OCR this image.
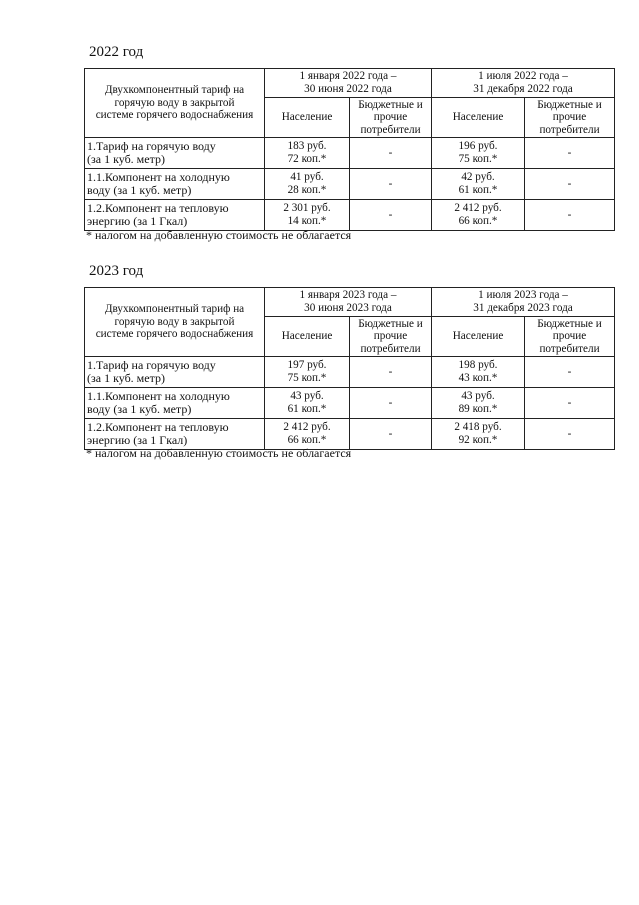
2022 год
Двухкомпонентный тариф на
горячую воду в закрытой
системе горячего водоснабжения	1 января 2022 года –
30 июня 2022 года		1 июля 2022 года –
31 декабря 2022 года	

	Население	Бюджетные и
прочие
потребители	Население	Бюджетные и
прочие
потребители

1.Тариф на горячую воду
(за 1 куб. метр)	183 руб.
72 коп.*	-	196 руб.
75 коп.*	-

1.1.Компонент на холодную
воду (за 1 куб. метр)	41 руб.
28 коп.*	-	42 руб.
61 коп.*	-

1.2.Компонент на тепловую
энергию (за 1 Гкал)	2 301 руб.
14 коп.*	-	2 412 руб.
66 коп.*	-
* налогом на добавленную стоимость не облагается
2023 год
Двухкомпонентный тариф на
горячую воду в закрытой
системе горячего водоснабжения	1 января 2023 года –
30 июня 2023 года		1 июля 2023 года –
31 декабря 2023 года	

	Население	Бюджетные и
прочие
потребители	Население	Бюджетные и
прочие
потребители

1.Тариф на горячую воду
(за 1 куб. метр)	197 руб.
75 коп.*	-	198 руб.
43 коп.*	-

1.1.Компонент на холодную
воду (за 1 куб. метр)	43 руб.
61 коп.*	-	43 руб.
89 коп.*	-

1.2.Компонент на тепловую
энергию (за 1 Гкал)	2 412 руб.
66 коп.*	-	2 418 руб.
92 коп.*	-
* налогом на добавленную стоимость не облагается
